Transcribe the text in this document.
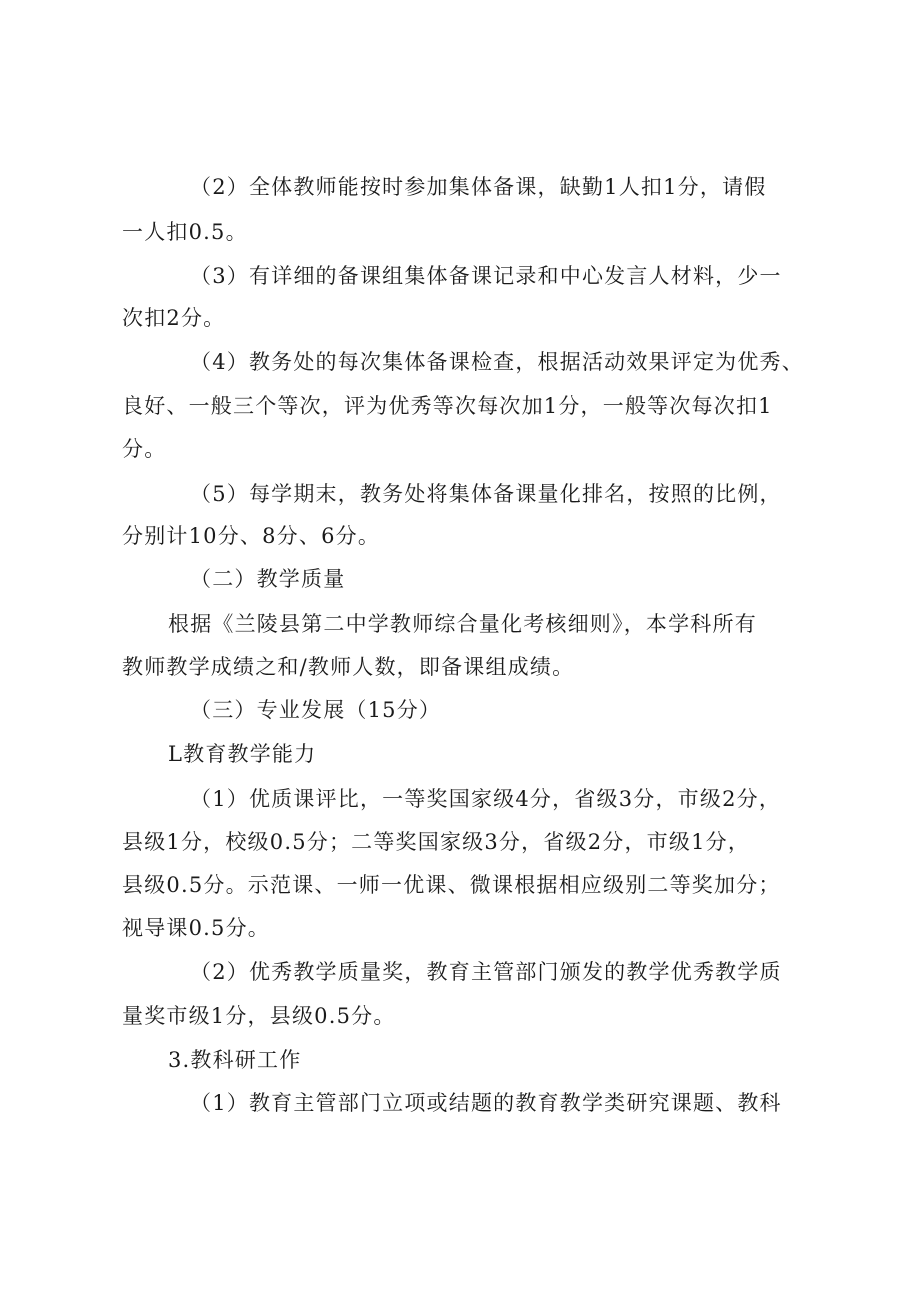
（2）全体教师能按时参加集体备课，缺勤1人扣1分，请假
一人扣0.5。
（3）有详细的备课组集体备课记录和中心发言人材料，少一
次扣2分。
（4）教务处的每次集体备课检查，根据活动效果评定为优秀、
良好、一般三个等次，评为优秀等次每次加1分，一般等次每次扣1
分。
（5）每学期末，教务处将集体备课量化排名，按照的比例，
分别计10分、8分、6分。
（二）教学质量
根据《兰陵县第二中学教师综合量化考核细则》，本学科所有
教师教学成绩之和/教师人数，即备课组成绩。
（三）专业发展（15分）
L教育教学能力
（1）优质课评比，一等奖国家级4分，省级3分，市级2分，
县级1分，校级0.5分；二等奖国家级3分，省级2分，市级1分，
县级0.5分。示范课、一师一优课、微课根据相应级别二等奖加分；
视导课0.5分。
（2）优秀教学质量奖，教育主管部门颁发的教学优秀教学质
量奖市级1分，县级0.5分。
3.教科研工作
（1）教育主管部门立项或结题的教育教学类研究课题、教科
